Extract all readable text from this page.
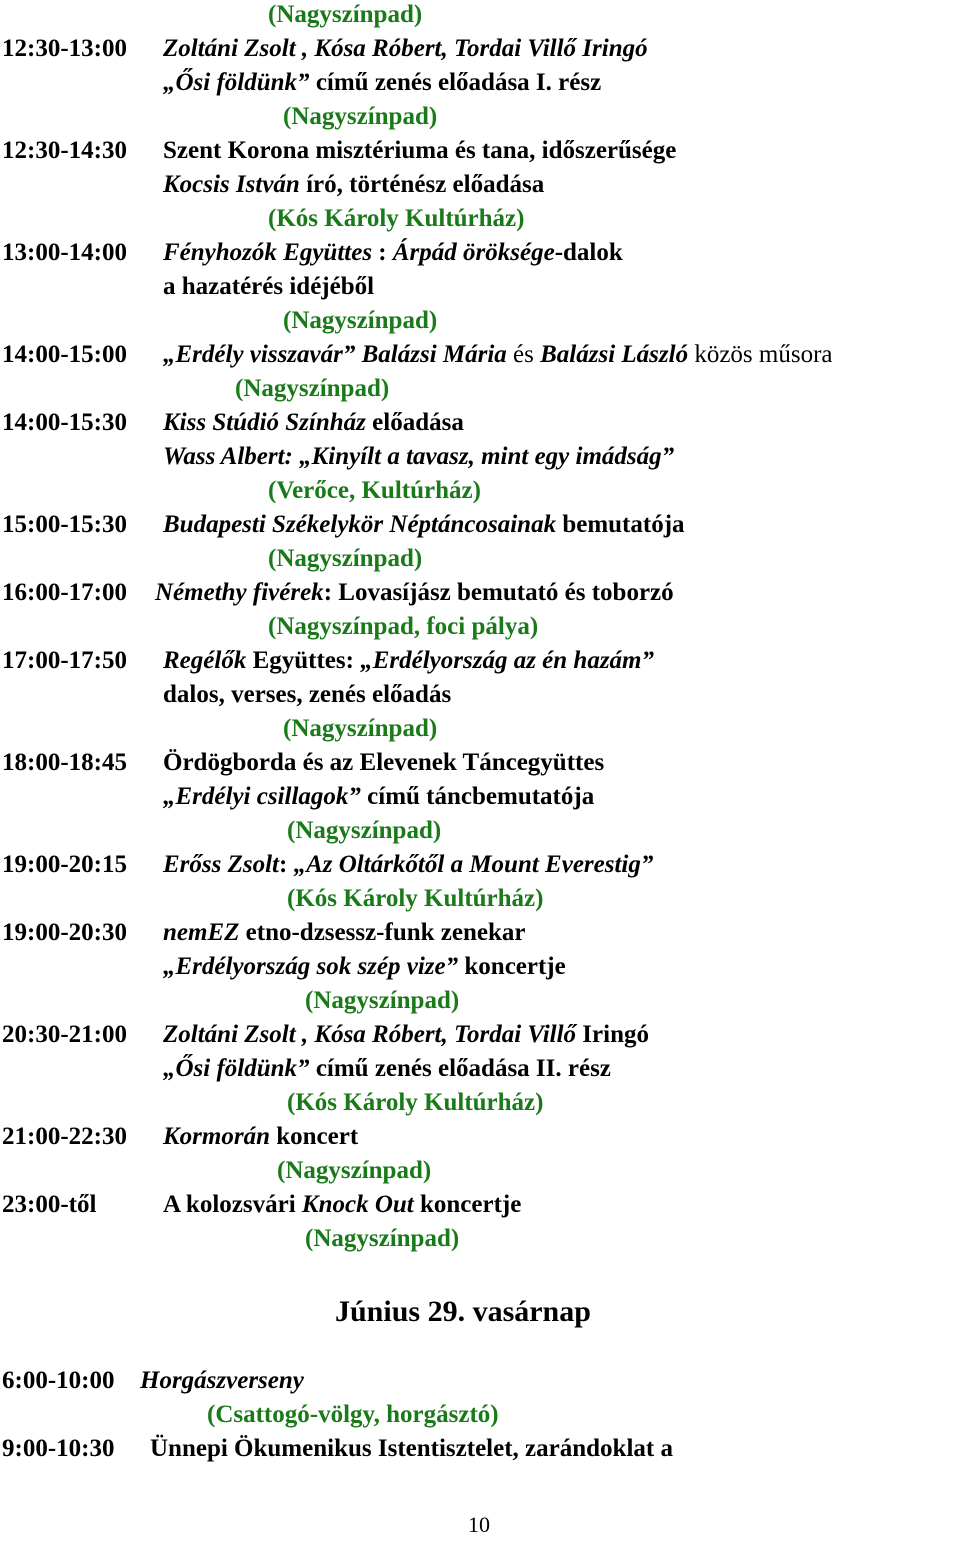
(Nagyszínpad)
12:30-13:00 Zoltáni Zsolt , Kósa Róbert, Tordai Villő Iringó
„Ősi földünk” című zenés előadása I. rész
(Nagyszínpad)
12:30-14:30 Szent Korona misztériuma és tana, időszerűsége
Kocsis István író, történész előadása
(Kós Károly Kultúrház)
13:00-14:00 Fényhozók Együttes : Árpád öröksége-dalok
a hazatérés idéjéből
(Nagyszínpad)
14:00-15:00 „Erdély visszavár” Balázsi Mária és Balázsi László közös műsora
(Nagyszínpad)
14:00-15:30 Kiss Stúdió Színház előadása
Wass Albert: „Kinyílt a tavasz, mint egy imádság”
(Verőce, Kultúrház)
15:00-15:30 Budapesti Székelykör Néptáncosainak bemutatója
(Nagyszínpad)
16:00-17:00 Némethy fivérek: Lovasíjász bemutató és toborzó
(Nagyszínpad, foci pálya)
17:00-17:50 Regélők Együttes: „Erdélyország az én hazám”
dalos, verses, zenés előadás
(Nagyszínpad)
18:00-18:45 Ördögborda és az Elevenek Táncegyüttes
„Erdélyi csillagok” című táncbemutatója
(Nagyszínpad)
19:00-20:15 Erőss Zsolt: „Az Oltárkőtől a Mount Everestig”
(Kós Károly Kultúrház)
19:00-20:30 nemEZ etno-dzsessz-funk zenekar
„Erdélyország sok szép vize” koncertje
(Nagyszínpad)
20:30-21:00 Zoltáni Zsolt , Kósa Róbert, Tordai Villő Iringó
„Ősi földünk” című zenés előadása II. rész
(Kós Károly Kultúrház)
21:00-22:30 Kormorán koncert
(Nagyszínpad)
23:00-től	A kolozsvári Knock Out koncertje
(Nagyszínpad)
Június 29. vasárnap
6:00-10:00 Horgászverseny
(Csattogó-völgy, horgásztó)
9:00-10:30 Ünnepi Ökumenikus Istentisztelet, zarándoklat a
10
